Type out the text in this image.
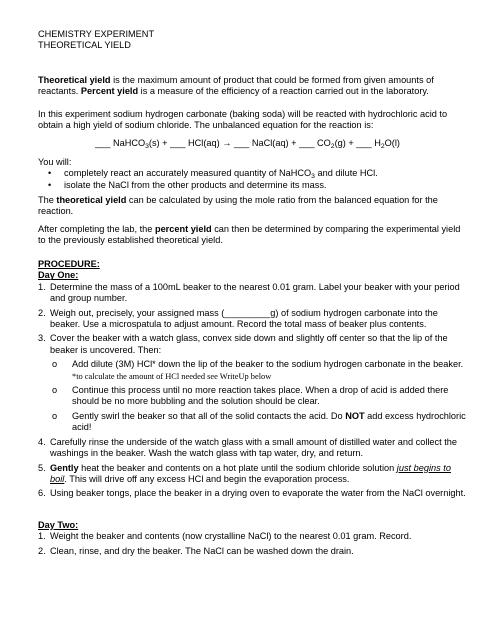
CHEMISTRY EXPERIMENT

THEORETICAL YIELD

Theoretical yield is the maximum amount of product that could be formed from given amounts of reactants. Percent yield is a measure of the efficiency of a reaction carried out in the laboratory.

In this experiment sodium hydrogen carbonate (baking soda) will be reacted with hydrochloric acid to obtain a high yield of sodium chloride. The unbalanced equation for the reaction is:

___ NaHCO$_3$(s) + ___ HCl(aq) → ___ NaCl(aq) + ___ $CO_2(g)$ + ___ $H_2O(l)$

You will:

• completely react an accurately measured quantity of NaHCO$_3$ and dilute HCl.
• isolate the NaCl from the other products and determine its mass.

The theoretical yield can be calculated by using the mole ratio from the balanced equation for the reaction.

After completing the lab, the percent yield can then be determined by comparing the experimental yield to the previously established theoretical yield.

PROCEDURE:

Day One:

1. Determine the mass of a 100mL beaker to the nearest 0.01 gram. Label your beaker with your period and group number.

2. Weigh out, precisely, your assigned mass (_________g) of sodium hydrogen carbonate into the beaker. Use a microspatula to adjust amount. Record the total mass of beaker plus contents.

3. Cover the beaker with a watch glass, convex side down and slightly off center so that the lip of the beaker is uncovered. Then:

o Add dilute (3M) HCl* down the lip of the beaker to the sodium hydrogen carbonate in the beaker. *to calculate the amount of HCl needed see WriteUp below

o Continue this process until no more reaction takes place. When a drop of acid is added there should be no more bubbling and the solution should be clear.

o Gently swirl the beaker so that all of the solid contacts the acid. Do NOT add excess hydrochloric acid!

4. Carefully rinse the underside of the watch glass with a small amount of distilled water and collect the washings in the beaker. Wash the watch glass with tap water, dry, and return.

5. Gently heat the beaker and contents on a hot plate until the sodium chloride solution just begins to boil. This will drive off any excess HCl and begin the evaporation process.

6. Using beaker tongs, place the beaker in a drying oven to evaporate the water from the NaCl overnight.

Day Two:

1. Weight the beaker and contents (now crystalline NaCl) to the nearest 0.01 gram. Record.

2. Clean, rinse, and dry the beaker. The NaCl can be washed down the drain.
